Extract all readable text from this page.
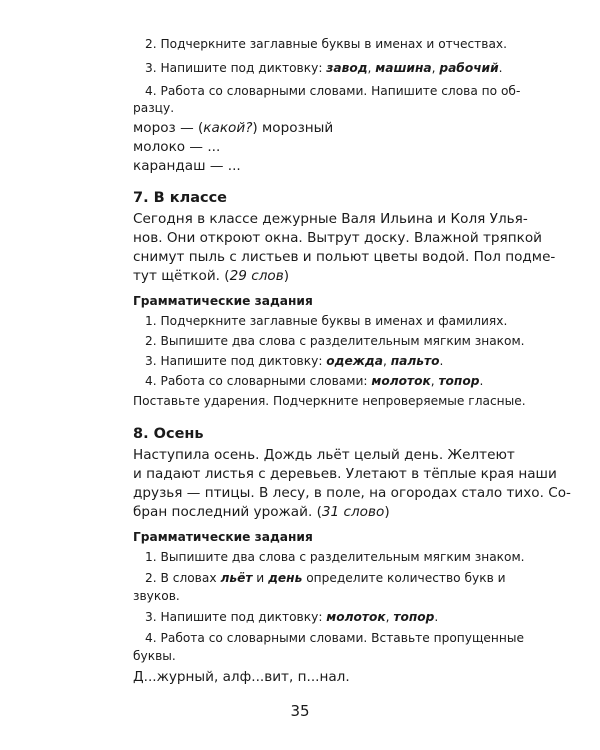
2. Подчеркните заглавные буквы в именах и отчествах.
3. Напишите под диктовку: завод, машина, рабочий.
4. Работа со словарными словами. Напишите слова по об-
разцу.
мороз — (какой?) морозный
молоко — ...
карандаш — ...
7. В классе
Сегодня в классе дежурные Валя Ильина и Коля Улья-
нов. Они откроют окна. Вытрут доску. Влажной тряпкой
снимут пыль с листьев и польют цветы водой. Пол подме-
тут щёткой. (29 слов)
Грамматические задания
1. Подчеркните заглавные буквы в именах и фамилиях.
2. Выпишите два слова с разделительным мягким знаком.
3. Напишите под диктовку: одежда, пальто.
4. Работа со словарными словами: молоток, топор.
Поставьте ударения. Подчеркните непроверяемые гласные.
8. Осень
Наступила осень. Дождь льёт целый день. Желтеют
и падают листья с деревьев. Улетают в тёплые края наши
друзья — птицы. В лесу, в поле, на огородах стало тихо. Со-
бран последний урожай. (31 слово)
Грамматические задания
1. Выпишите два слова с разделительным мягким знаком.
2. В словах льёт и день определите количество букв и
звуков.
3. Напишите под диктовку: молоток, топор.
4. Работа со словарными словами. Вставьте пропущенные
буквы.
Д...журный, алф...вит, п...нал.
35
